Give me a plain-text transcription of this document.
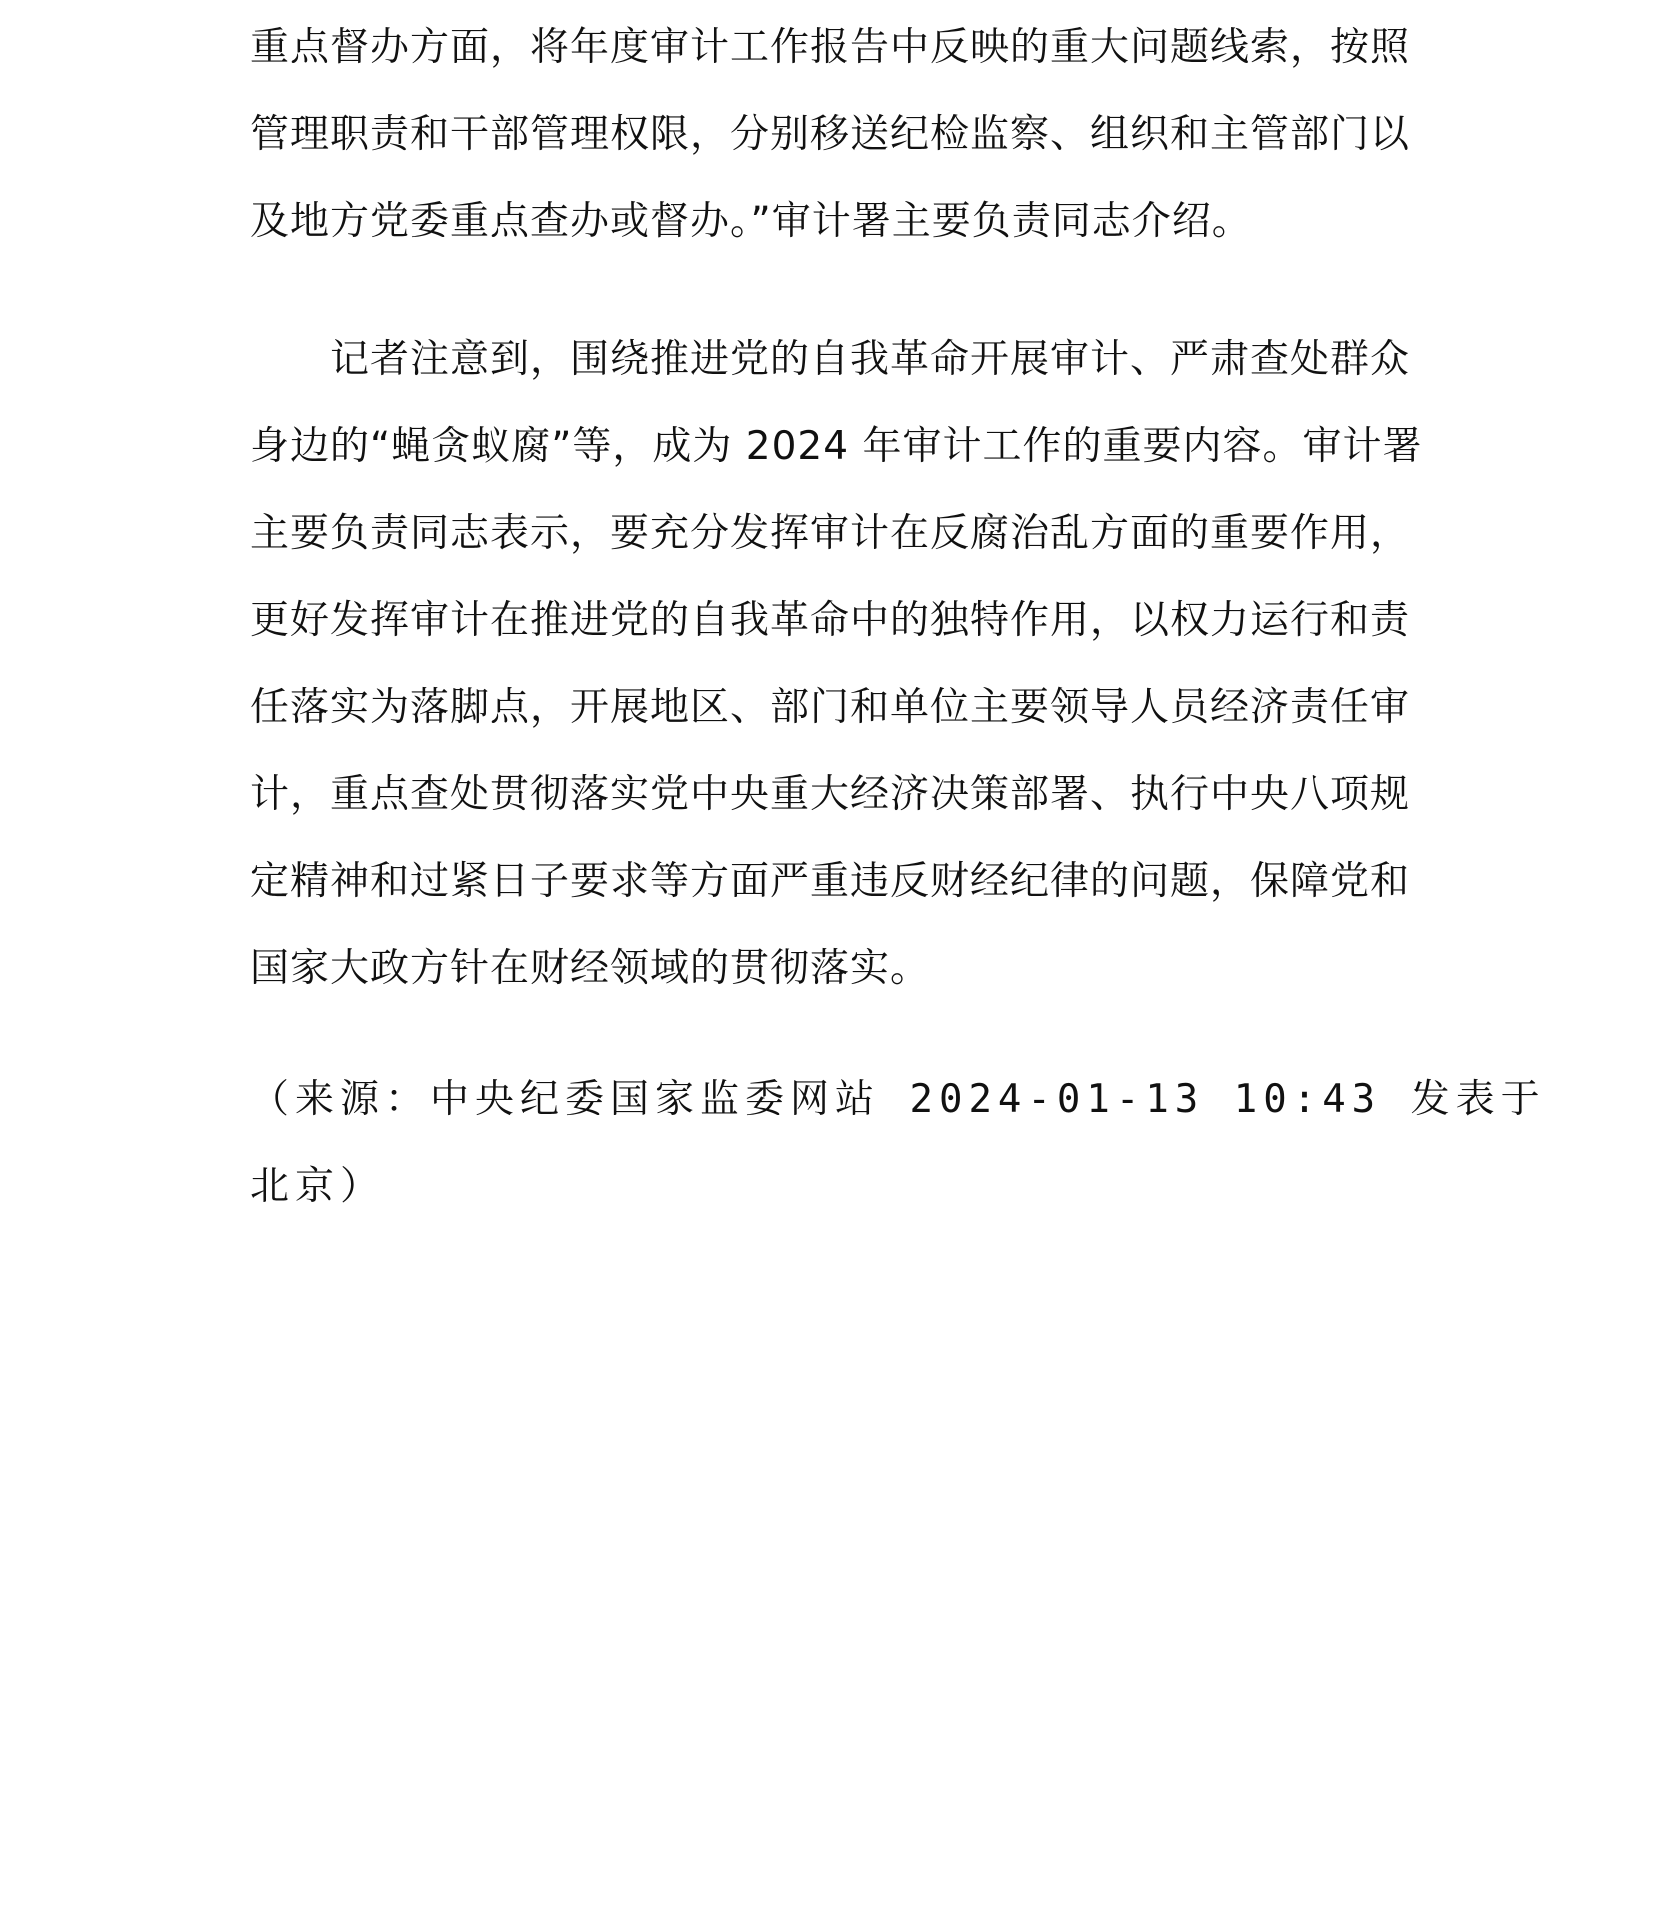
重点督办方面，将年度审计工作报告中反映的重大问题线索，按照
管理职责和干部管理权限，分别移送纪检监察、组织和主管部门以
及地方党委重点查办或督办。”审计署主要负责同志介绍。
　　记者注意到，围绕推进党的自我革命开展审计、严肃查处群众
身边的“蝇贪蚁腐”等，成为 2024 年审计工作的重要内容。审计署
主要负责同志表示，要充分发挥审计在反腐治乱方面的重要作用，
更好发挥审计在推进党的自我革命中的独特作用，以权力运行和责
任落实为落脚点，开展地区、部门和单位主要领导人员经济责任审
计，重点查处贯彻落实党中央重大经济决策部署、执行中央八项规
定精神和过紧日子要求等方面严重违反财经纪律的问题，保障党和
国家大政方针在财经领域的贯彻落实。
（来源：中央纪委国家监委网站 2024-01-13 10:43 发表于
北京）
